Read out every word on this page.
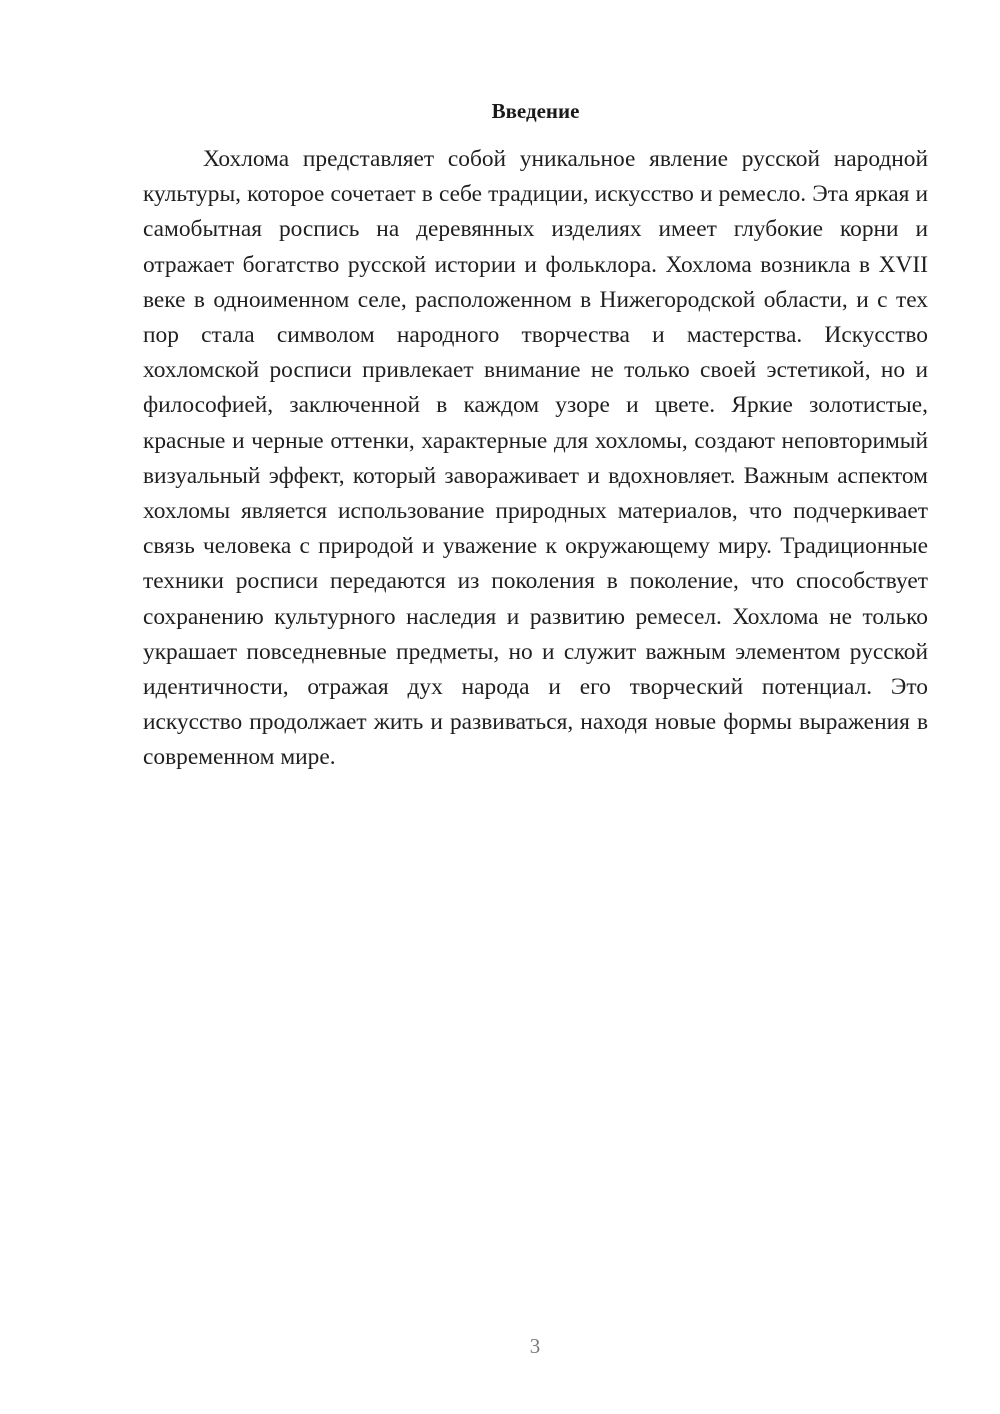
Введение

Хохлома представляет собой уникальное явление русской народной культуры, которое сочетает в себе традиции, искусство и ремесло. Эта яркая и самобытная роспись на деревянных изделиях имеет глубокие корни и отражает богатство русской истории и фольклора. Хохлома возникла в XVII веке в одноименном селе, расположенном в Нижегородской области, и с тех пор стала символом народного творчества и мастерства. Искусство хохломской росписи привлекает внимание не только своей эстетикой, но и философией, заключенной в каждом узоре и цвете. Яркие золотистые, красные и черные оттенки, характерные для хохломы, создают неповторимый визуальный эффект, который завораживает и вдохновляет. Важным аспектом хохломы является использование природных материалов, что подчеркивает связь человека с природой и уважение к окружающему миру. Традиционные техники росписи передаются из поколения в поколение, что способствует сохранению культурного наследия и развитию ремесел. Хохлома не только украшает повседневные предметы, но и служит важным элементом русской идентичности, отражая дух народа и его творческий потенциал. Это искусство продолжает жить и развиваться, находя новые формы выражения в современном мире.

3
